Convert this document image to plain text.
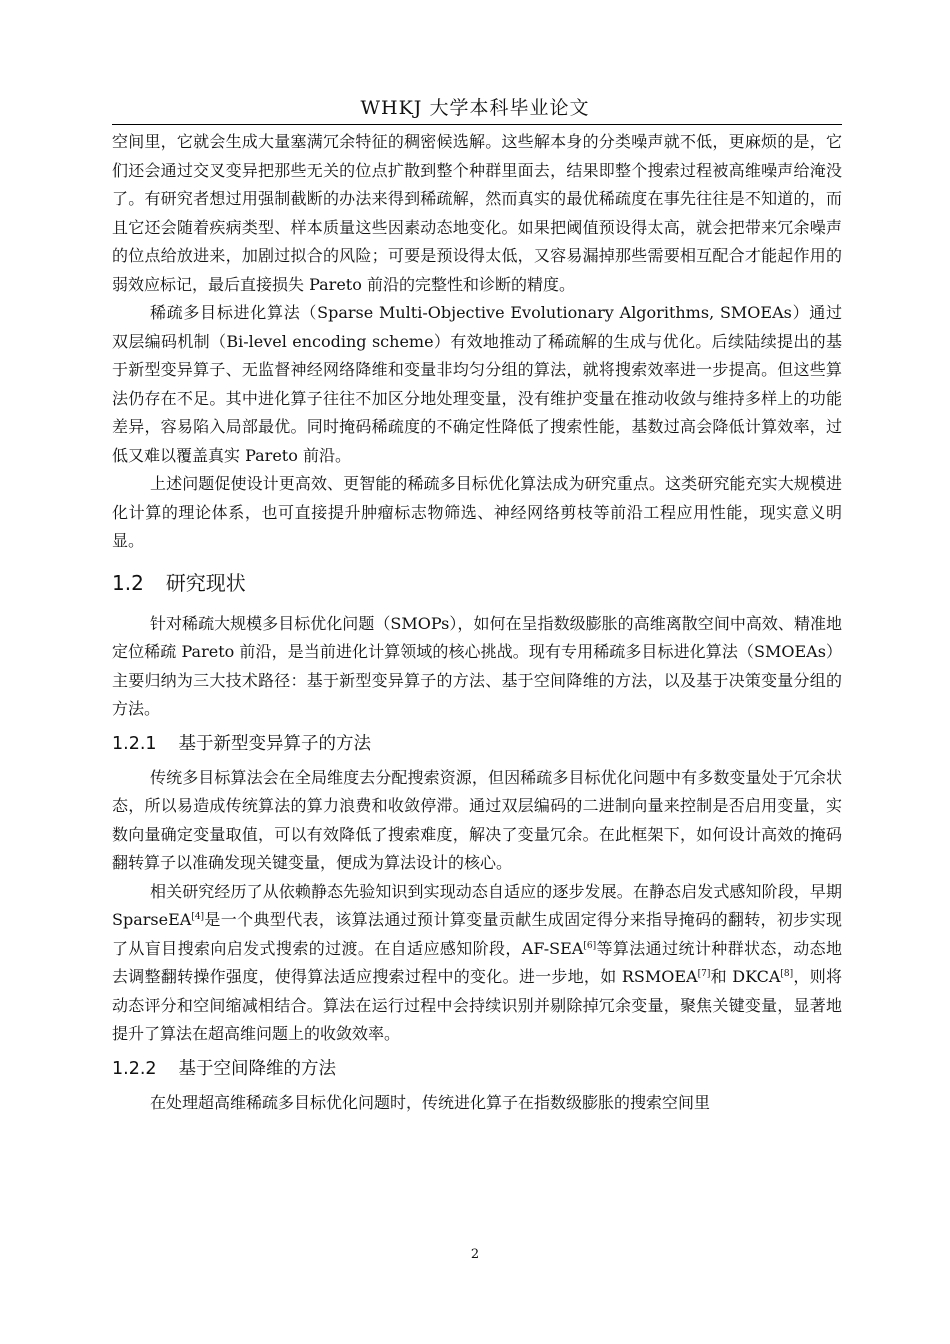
WHKJ 大学本科毕业论文

空间里，它就会生成大量塞满冗余特征的稠密候选解。这些解本身的分类噪声就不低，更麻烦的是，它们还会通过交叉变异把那些无关的位点扩散到整个种群里面去，结果即整个搜索过程被高维噪声给淹没了。有研究者想过用强制截断的办法来得到稀疏解，然而真实的最优稀疏度在事先往往是不知道的，而且它还会随着疾病类型、样本质量这些因素动态地变化。如果把阈值预设得太高，就会把带来冗余噪声的位点给放进来，加剧过拟合的风险；可要是预设得太低，又容易漏掉那些需要相互配合才能起作用的弱效应标记，最后直接损失 Pareto 前沿的完整性和诊断的精度。

稀疏多目标进化算法（Sparse Multi-Objective Evolutionary Algorithms, SMOEAs）通过双层编码机制（Bi-level encoding scheme）有效地推动了稀疏解的生成与优化。后续陆续提出的基于新型变异算子、无监督神经网络降维和变量非均匀分组的算法，就将搜索效率进一步提高。但这些算法仍存在不足。其中进化算子往往不加区分地处理变量，没有维护变量在推动收敛与维持多样上的功能差异，容易陷入局部最优。同时掩码稀疏度的不确定性降低了搜索性能，基数过高会降低计算效率，过低又难以覆盖真实 Pareto 前沿。

上述问题促使设计更高效、更智能的稀疏多目标优化算法成为研究重点。这类研究能充实大规模进化计算的理论体系，也可直接提升肿瘤标志物筛选、神经网络剪枝等前沿工程应用性能，现实意义明显。

1.2 研究现状

针对稀疏大规模多目标优化问题（SMOPs），如何在呈指数级膨胀的高维离散空间中高效、精准地定位稀疏 Pareto 前沿，是当前进化计算领域的核心挑战。现有专用稀疏多目标进化算法（SMOEAs）主要归纳为三大技术路径：基于新型变异算子的方法、基于空间降维的方法，以及基于决策变量分组的方法。

1.2.1 基于新型变异算子的方法

传统多目标算法会在全局维度去分配搜索资源，但因稀疏多目标优化问题中有多数变量处于冗余状态，所以易造成传统算法的算力浪费和收敛停滞。通过双层编码的二进制向量来控制是否启用变量，实数向量确定变量取值，可以有效降低了搜索难度，解决了变量冗余。在此框架下，如何设计高效的掩码翻转算子以准确发现关键变量，便成为算法设计的核心。

相关研究经历了从依赖静态先验知识到实现动态自适应的逐步发展。在静态启发式感知阶段，早期 SparseEA[4]是一个典型代表，该算法通过预计算变量贡献生成固定得分来指导掩码的翻转，初步实现了从盲目搜索向启发式搜索的过渡。在自适应感知阶段，AF-SEA[6]等算法通过统计种群状态，动态地去调整翻转操作强度，使得算法适应搜索过程中的变化。进一步地，如 RSMOEA[7]和 DKCA[8]，则将动态评分和空间缩减相结合。算法在运行过程中会持续识别并剔除掉冗余变量，聚焦关键变量，显著地提升了算法在超高维问题上的收敛效率。

1.2.2 基于空间降维的方法

在处理超高维稀疏多目标优化问题时，传统进化算子在指数级膨胀的搜索空间里

2
